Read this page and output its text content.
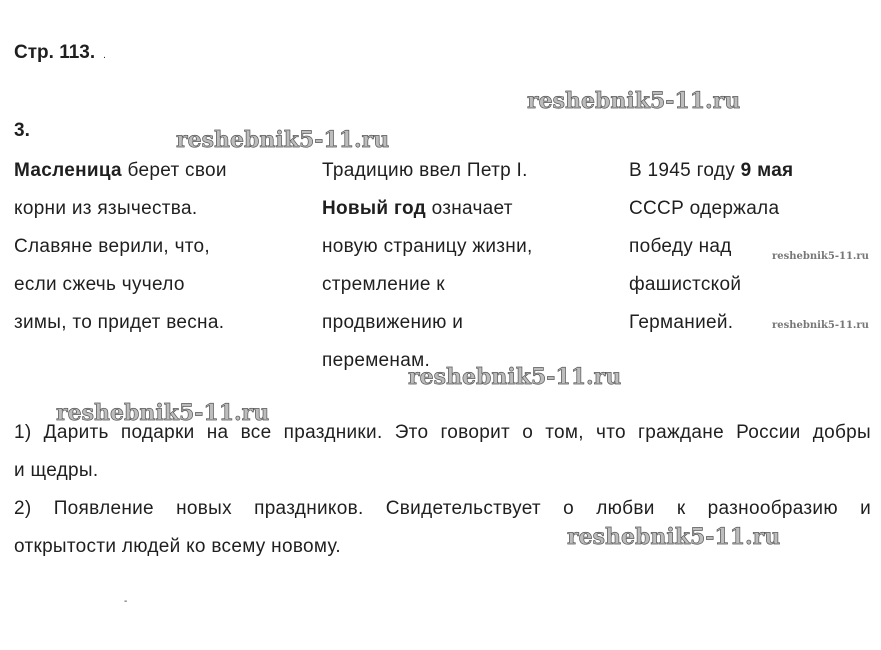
Стр. 113. .
3.
Масленица берет свои
корни из язычества.
Славяне верили, что,
если сжечь чучело
зимы, то придет весна.
Традицию ввел Петр I.
Новый год означает
новую страницу жизни,
стремление к
продвижению и
переменам.
В 1945 году 9 мая
СССР одержала
победу над
фашистской
Германией.
1) Дарить подарки на все праздники. Это говорит о том, что граждане России добры
и щедры.
2) Появление новых праздников. Свидетельствует о любви к разнообразию и
открытости людей ко всему новому.
reshebnik5-11.ru
reshebnik5-11.ru
reshebnik5-11.ru
reshebnik5-11.ru
reshebnik5-11.ru
reshebnik5-11.ru
reshebnik5-11.ru
-
